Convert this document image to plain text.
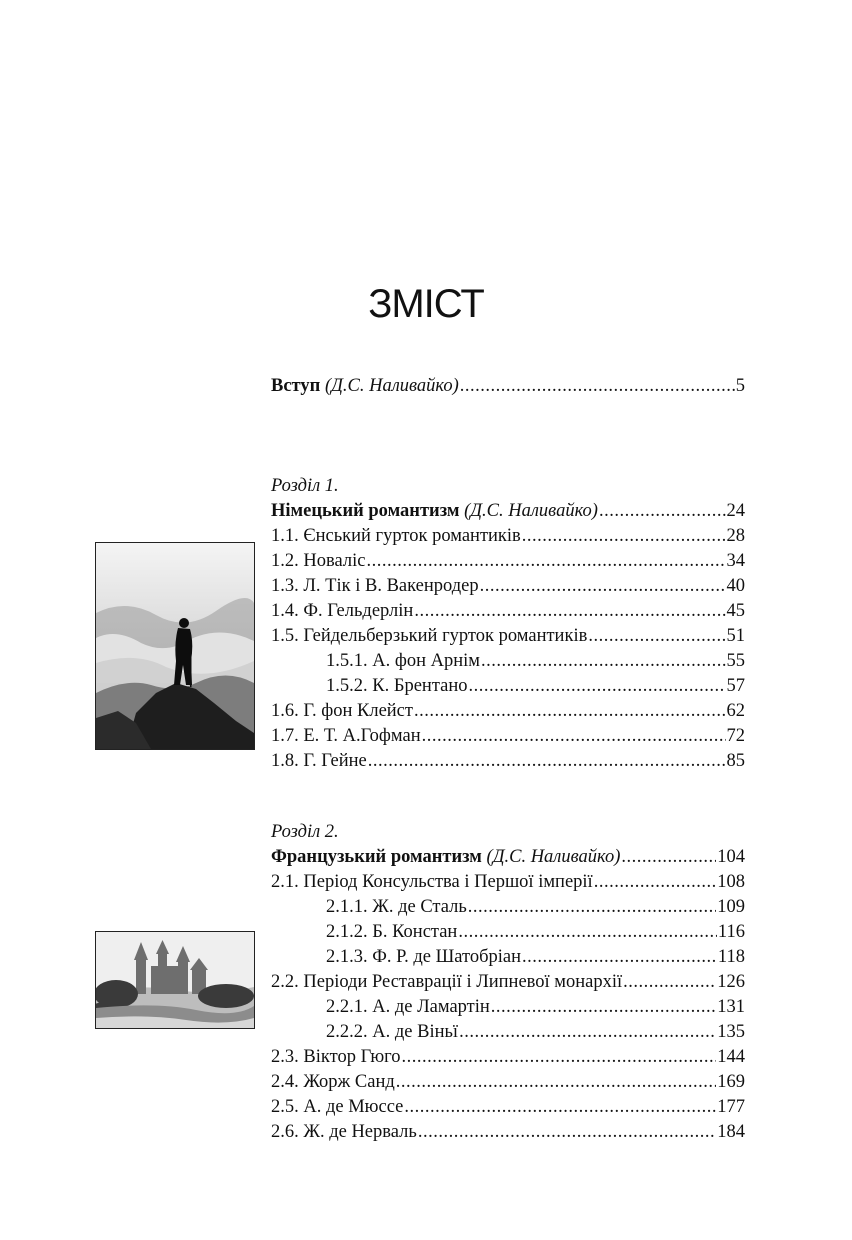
ЗМІСТ
Вступ (Д.С. Наливайко) .....	5
Розділ 1.
Німецький романтизм (Д.С. Наливайко) .....	24
1.1. Єнський гурток романтиків .....	28
1.2. Новаліс .....	34
1.3. Л. Тік і В. Вакенродер .....	40
1.4. Ф. Гельдерлін .....	45
1.5. Гейдельберзький гурток романтиків .....	51
1.5.1. А. фон Арнім .....	55
1.5.2. К. Брентано .....	57
1.6. Г. фон Клейст .....	62
1.7. Е. Т. А.Гофман .....	72
1.8. Г. Гейне .....	85
Розділ 2.
Французький романтизм (Д.С. Наливайко) .....	104
2.1. Період Консульства і Першої імперії .....	108
2.1.1. Ж. де Сталь .....	109
2.1.2. Б. Констан .....	116
2.1.3. Ф. Р. де Шатобріан .....	118
2.2. Періоди Реставрації і Липневої монархії .....	126
2.2.1. А. де Ламартін .....	131
2.2.2. А. де Віньї .....	135
2.3. Віктор Гюго .....	144
2.4. Жорж Санд .....	169
2.5. А. де Мюссе .....	177
2.6. Ж. де Нерваль .....	184
